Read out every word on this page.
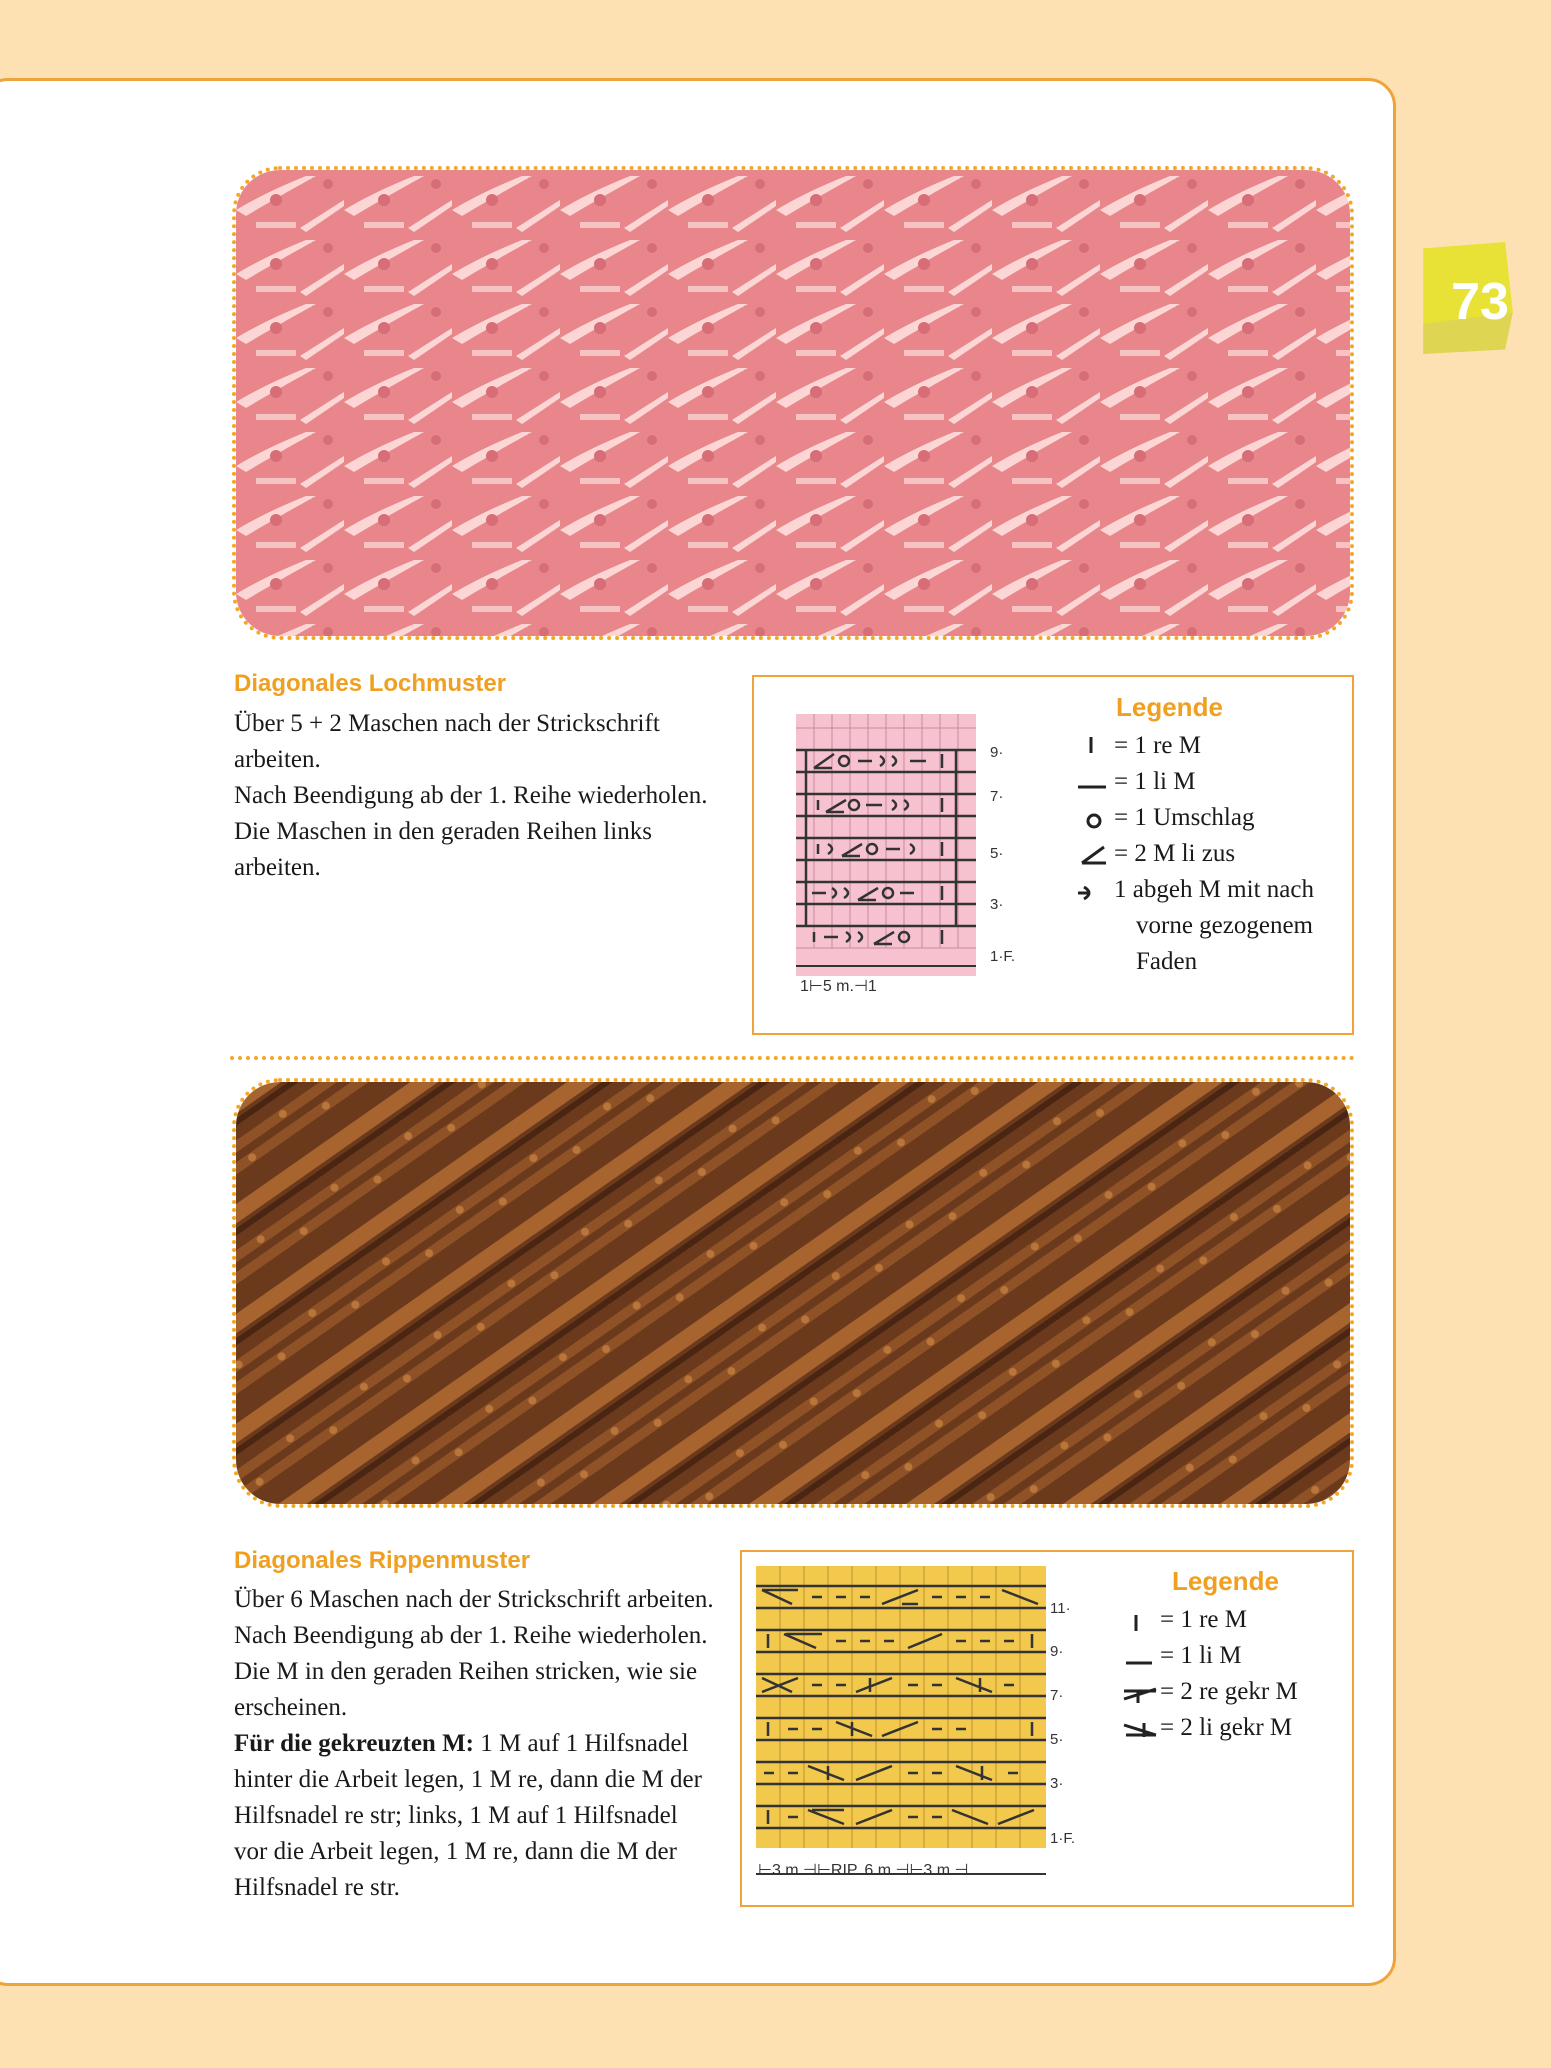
73
Diagonales Lochmuster

Über 5 + 2 Maschen nach der Strickschrift

arbeiten.

Nach Beendigung ab der 1. Reihe wiederholen.

Die Maschen in den geraden Reihen links

arbeiten.

9·
7·
5·
3·
1·F.
1⊢5 m.⊣1
Legende
= 1 re M
= 1 li M
= 1 Umschlag
= 2 M li zus
1 abgeh M mit nach
vorne gezogenem
Faden
Diagonales Rippenmuster

Über 6 Maschen nach der Strickschrift arbeiten.

Nach Beendigung ab der 1. Reihe wiederholen.

Die M in den geraden Reihen stricken, wie sie

erscheinen.

Für die gekreuzten M: 1 M auf 1 Hilfsnadel

hinter die Arbeit legen, 1 M re, dann die M der

Hilfsnadel re str; links, 1 M auf 1 Hilfsnadel

vor die Arbeit legen, 1 M re, dann die M der

Hilfsnadel re str.

11·
9·
7·
5·
3·
1·F.
⊢3 m.⊣⊢RIP. 6 m.⊣⊢3 m.⊣
Legende
= 1 re M
= 1 li M
= 2 re gekr M
= 2 li gekr M
